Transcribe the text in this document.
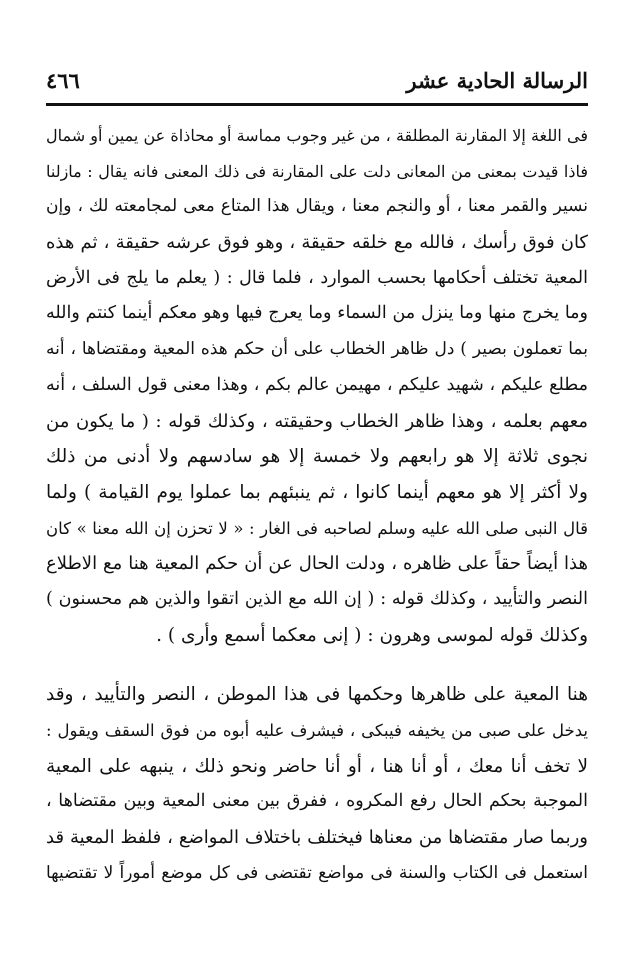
٤٦٦	الرسالة الحادية عشر
فى اللغة إلا المقارنة المطلقة ، من غير وجوب مماسة أو محاذاة عن يمين أو شمال
فاذا قيدت بمعنى من المعانى دلت على المقارنة فى ذلك المعنى فانه يقال : مازلنا
نسير والقمر معنا ، أو والنجم معنا ، ويقال هذا المتاع معى لمجامعته لك ، وإن
كان فوق رأسك ، فالله مع خلقه حقيقة ، وهو فوق عرشه حقيقة ، ثم هذه
المعية تختلف أحكامها بحسب الموارد ، فلما قال : ( يعلم ما يلج فى الأرض
وما يخرج منها وما ينزل من السماء وما يعرج فيها وهو معكم أينما كنتم والله
بما تعملون بصير ) دل ظاهر الخطاب على أن حكم هذه المعية ومقتضاها ، أنه
مطلع عليكم ، شهيد عليكم ، مهيمن عالم بكم ، وهذا معنى قول السلف ، أنه
معهم بعلمه ، وهذا ظاهر الخطاب وحقيقته ، وكذلك قوله : ( ما يكون من
نجوى ثلاثة إلا هو رابعهم ولا خمسة إلا هو سادسهم ولا أدنى من ذلك
ولا أكثر إلا هو معهم أينما كانوا ، ثم ينبئهم بما عملوا يوم القيامة ) ولما
قال النبى صلى الله عليه وسلم لصاحبه فى الغار : « لا تحزن إن الله معنا » كان
هذا أيضاً حقاً على ظاهره ، ودلت الحال عن أن حكم المعية هنا مع الاطلاع
النصر والتأييد ، وكذلك قوله : ( إن الله مع الذين اتقوا والذين هم محسنون )
وكذلك قوله لموسى وهرون : ( إنى معكما أسمع وأرى ) .
هنا المعية على ظاهرها وحكمها فى هذا الموطن ، النصر والتأييد ، وقد
يدخل على صبى من يخيفه فيبكى ، فيشرف عليه أبوه من فوق السقف ويقول :
لا تخف أنا معك ، أو أنا هنا ، أو أنا حاضر ونحو ذلك ، ينبهه على المعية
الموجبة بحكم الحال رفع المكروه ، ففرق بين معنى المعية وبين مقتضاها ،
وربما صار مقتضاها من معناها فيختلف باختلاف المواضع ، فلفظ المعية قد
استعمل فى الكتاب والسنة فى مواضع تقتضى فى كل موضع أموراً لا تقتضيها
